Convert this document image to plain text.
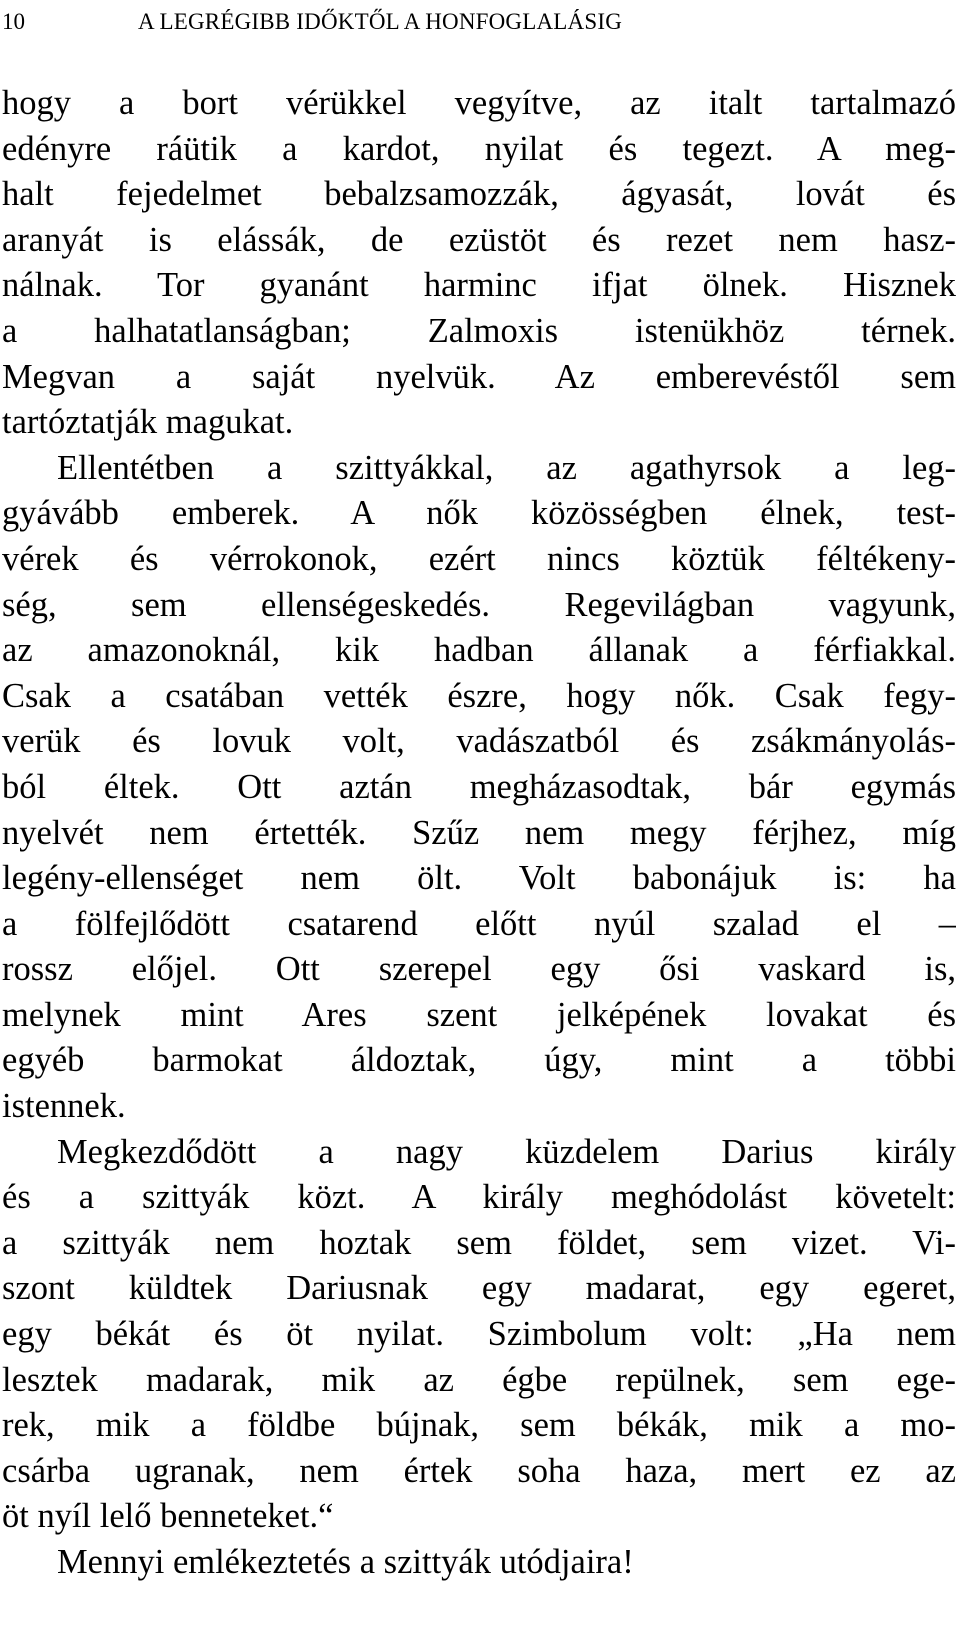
10	A LEGRÉGIBB IDŐKTŐL A HONFOGLALÁSIG
hogy a bort vérükkel vegyítve, az italt tartalmazó
edényre ráütik a kardot, nyilat és tegezt. A meg-
halt fejedelmet bebalzsamozzák, ágyasát, lovát és
aranyát is elássák, de ezüstöt és rezet nem hasz-
nálnak. Tor gyanánt harminc ifjat ölnek. Hisznek
a halhatatlanságban; Zalmoxis istenükhöz térnek.
Megvan a saját nyelvük. Az emberevéstől sem
tartóztatják magukat.
Ellentétben a szittyákkal, az agathyrsok a leg-
gyávább emberek. A nők közösségben élnek, test-
vérek és vérrokonok, ezért nincs köztük féltékeny-
ség, sem ellenségeskedés. Regevilágban vagyunk,
az amazonoknál, kik hadban állanak a férfiakkal.
Csak a csatában vették észre, hogy nők. Csak fegy-
verük és lovuk volt, vadászatból és zsákmányolás-
ból éltek. Ott aztán megházasodtak, bár egymás
nyelvét nem értették. Szűz nem megy férjhez, míg
legény-ellenséget nem ölt. Volt babonájuk is: ha
a fölfejlődött csatarend előtt nyúl szalad el –
rossz előjel. Ott szerepel egy ősi vaskard is,
melynek mint Ares szent jelképének lovakat és
egyéb barmokat áldoztak, úgy, mint a többi
istennek.
Megkezdődött a nagy küzdelem Darius király
és a szittyák közt. A király meghódolást követelt:
a szittyák nem hoztak sem földet, sem vizet. Vi-
szont küldtek Dariusnak egy madarat, egy egeret,
egy békát és öt nyilat. Szimbolum volt: „Ha nem
lesztek madarak, mik az égbe repülnek, sem ege-
rek, mik a földbe bújnak, sem békák, mik a mo-
csárba ugranak, nem értek soha haza, mert ez az
öt nyíl lelő benneteket.“
Mennyi emlékeztetés a szittyák utódjaira!
